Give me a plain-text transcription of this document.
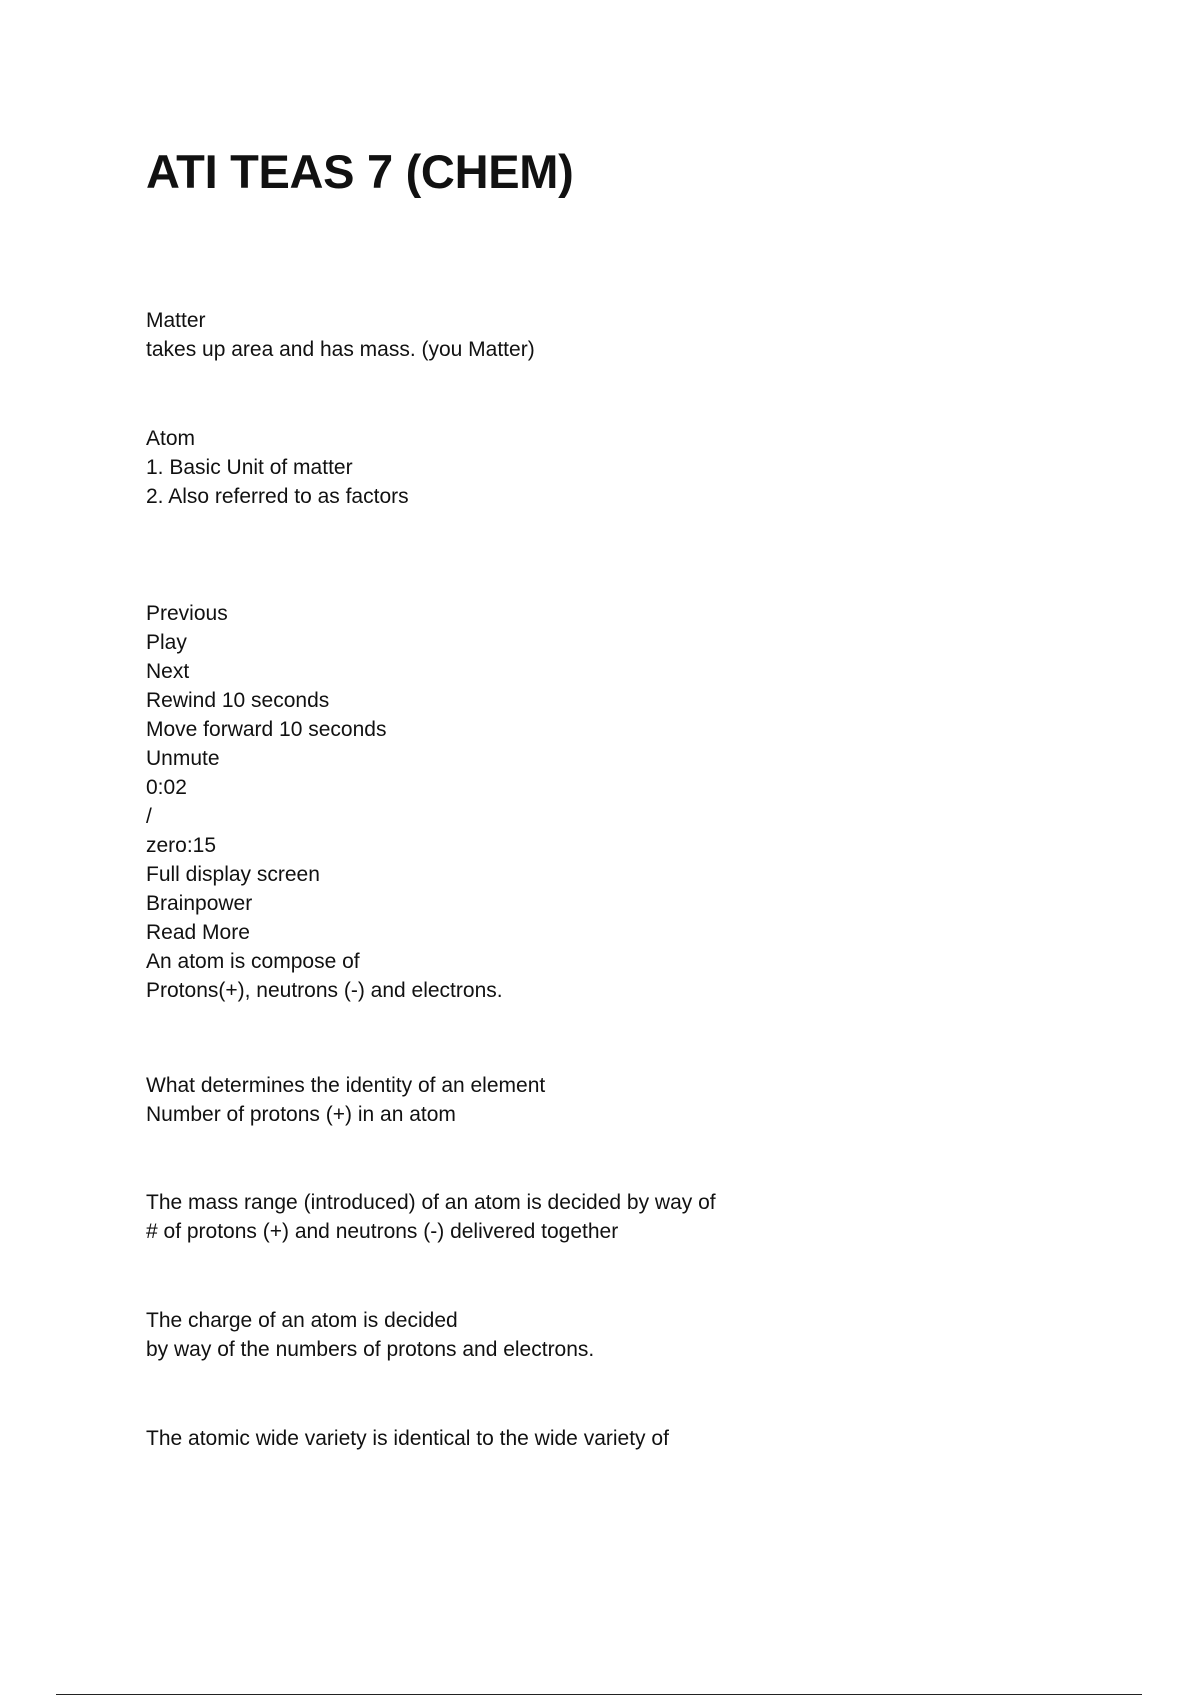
ATI TEAS 7 (CHEM)
Matter
takes up area and has mass. (you Matter)
Atom
1. Basic Unit of matter
2. Also referred to as factors
Previous
Play
Next
Rewind 10 seconds
Move forward 10 seconds
Unmute
0:02
/
zero:15
Full display screen
Brainpower
Read More
An atom is compose of
Protons(+), neutrons (-) and electrons.
What determines the identity of an element
Number of protons (+) in an atom
The mass range (introduced) of an atom is decided by way of
# of protons (+) and neutrons (-) delivered together
The charge of an atom is decided
by way of the numbers of protons and electrons.
The atomic wide variety is identical to the wide variety of
